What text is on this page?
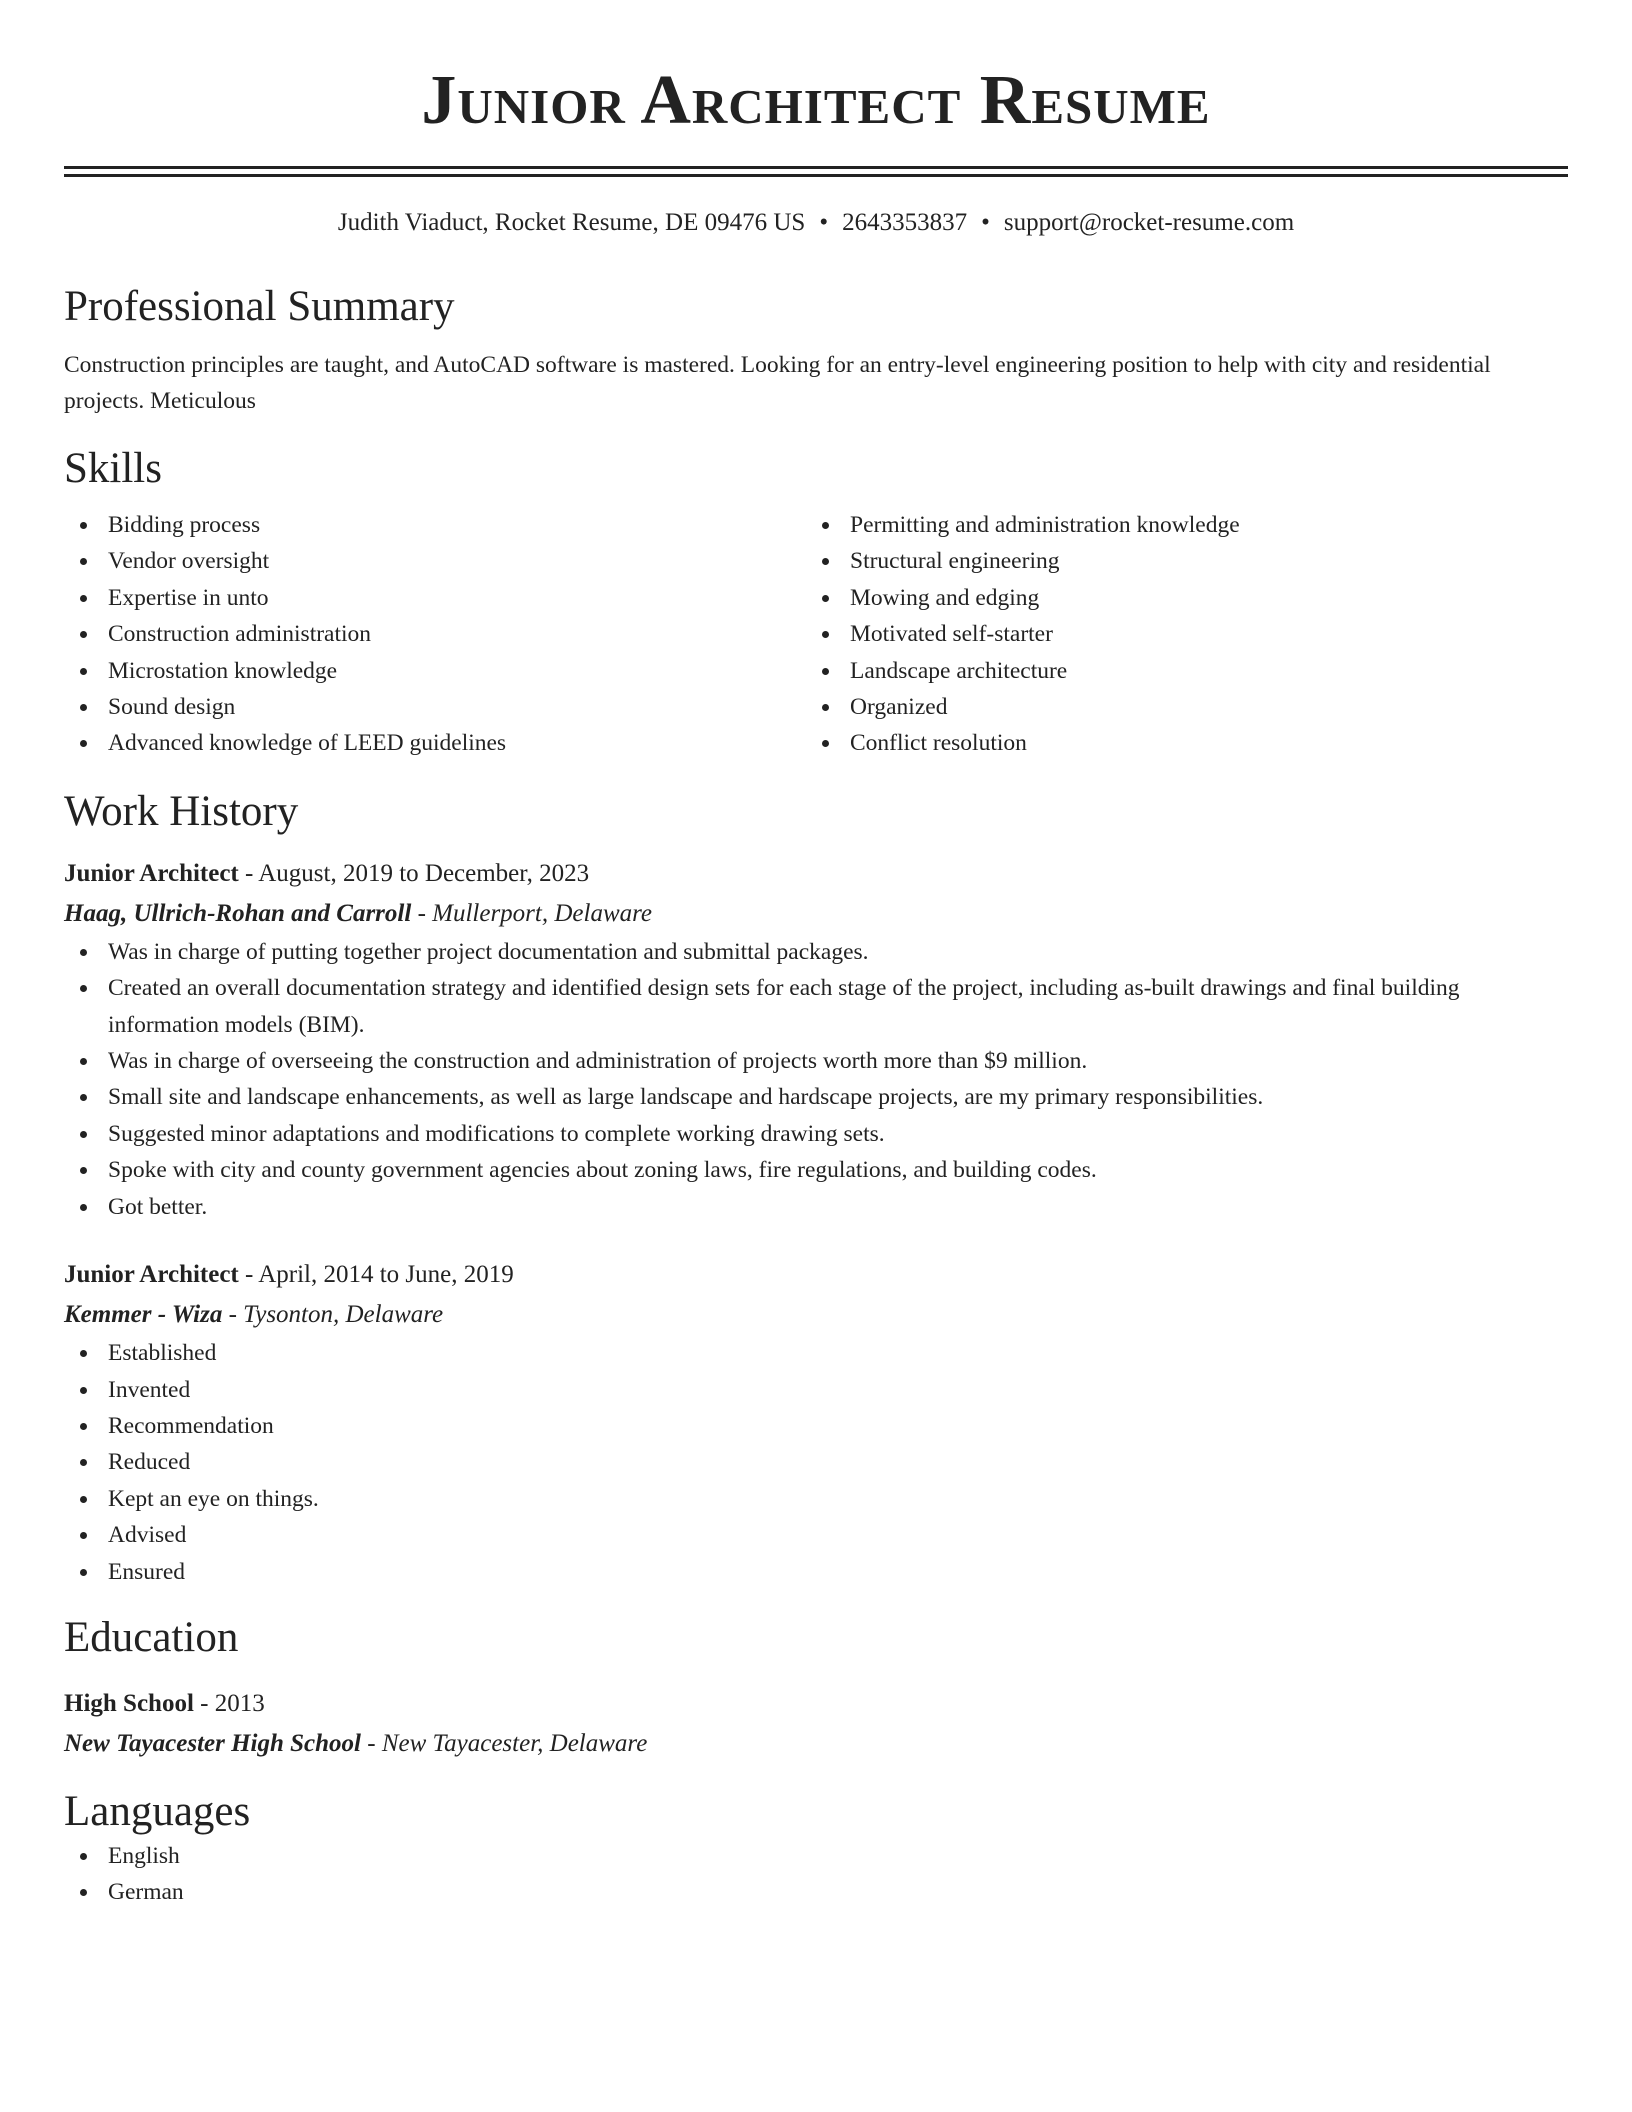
Junior Architect Resume
Judith Viaduct, Rocket Resume, DE 09476 US • 2643353837 • support@rocket-resume.com
Professional Summary
Construction principles are taught, and AutoCAD software is mastered. Looking for an entry-level engineering position to help with city and residential projects. Meticulous
Skills
Bidding process
Vendor oversight
Expertise in unto
Construction administration
Microstation knowledge
Sound design
Advanced knowledge of LEED guidelines
Permitting and administration knowledge
Structural engineering
Mowing and edging
Motivated self-starter
Landscape architecture
Organized
Conflict resolution
Work History
Junior Architect - August, 2019 to December, 2023
Haag, Ullrich-Rohan and Carroll - Mullerport, Delaware
Was in charge of putting together project documentation and submittal packages.
Created an overall documentation strategy and identified design sets for each stage of the project, including as-built drawings and final building information models (BIM).
Was in charge of overseeing the construction and administration of projects worth more than $9 million.
Small site and landscape enhancements, as well as large landscape and hardscape projects, are my primary responsibilities.
Suggested minor adaptations and modifications to complete working drawing sets.
Spoke with city and county government agencies about zoning laws, fire regulations, and building codes.
Got better.
Junior Architect - April, 2014 to June, 2019
Kemmer - Wiza - Tysonton, Delaware
Established
Invented
Recommendation
Reduced
Kept an eye on things.
Advised
Ensured
Education
High School - 2013
New Tayacester High School - New Tayacester, Delaware
Languages
English
German
